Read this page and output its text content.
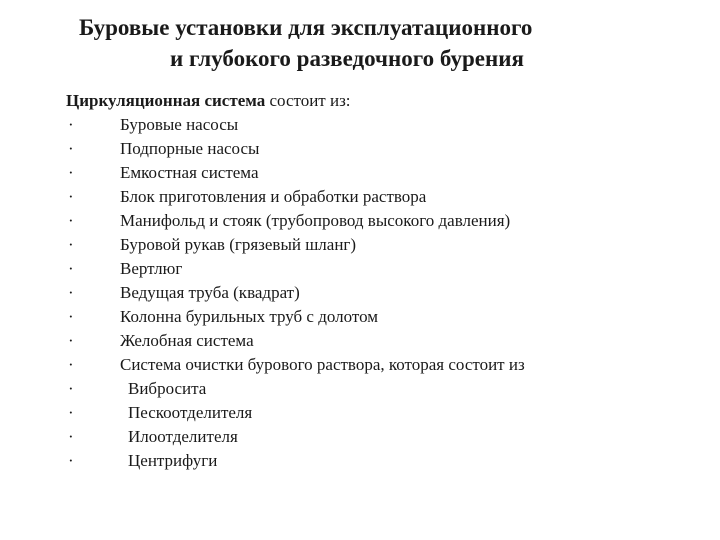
Буровые установки для эксплуатационного
и глубокого разведочного бурения
Циркуляционная система состоит из:
·	Буровые насосы
·	Подпорные насосы
·	Емкостная система
·	Блок приготовления и обработки раствора
·	Манифольд и стояк (трубопровод высокого давления)
·	Буровой рукав (грязевый шланг)
·	Вертлюг
·	Ведущая труба (квадрат)
·	Колонна бурильных труб с долотом
·	Желобная система
·	Система очистки бурового раствора, которая состоит из
·	Вибросита
·	Пескоотделителя
·	Илоотделителя
·	Центрифуги
